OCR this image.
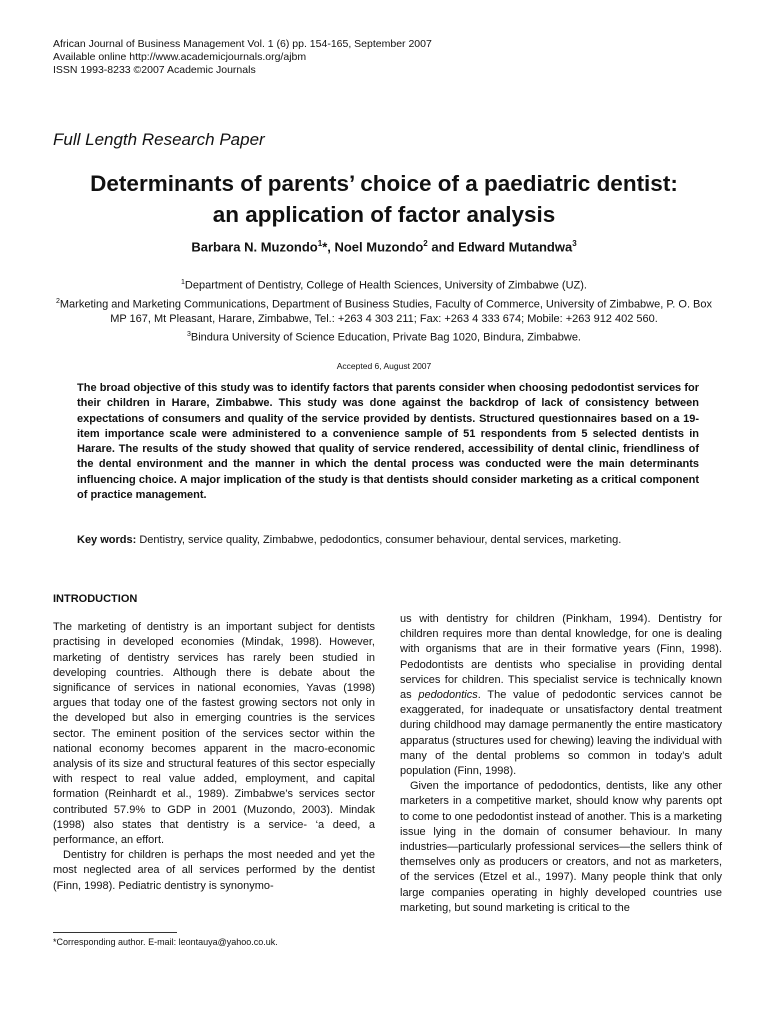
African Journal of Business Management Vol. 1 (6) pp. 154-165, September 2007
Available online http://www.academicjournals.org/ajbm
ISSN 1993-8233 ©2007 Academic Journals
Full Length Research Paper
Determinants of parents’ choice of a paediatric dentist:
an application of factor analysis
Barbara N. Muzondo$^1$*, Noel Muzondo$^2$ and Edward Mutandwa$^3$
$^1$Department of Dentistry, College of Health Sciences, University of Zimbabwe (UZ).
$^2$Marketing and Marketing Communications, Department of Business Studies, Faculty of Commerce, University of Zimbabwe, P. O. Box MP 167, Mt Pleasant, Harare, Zimbabwe, Tel.: +263 4 303 211; Fax: +263 4 333 674; Mobile: +263 912 402 560.
$^3$Bindura University of Science Education, Private Bag 1020, Bindura, Zimbabwe.
Accepted 6, August 2007
The broad objective of this study was to identify factors that parents consider when choosing pedodontist services for their children in Harare, Zimbabwe. This study was done against the backdrop of lack of consistency between expectations of consumers and quality of the service provided by dentists. Structured questionnaires based on a 19-item importance scale were administered to a convenience sample of 51 respondents from 5 selected dentists in Harare. The results of the study showed that quality of service rendered, accessibility of dental clinic, friendliness of the dental environment and the manner in which the dental process was conducted were the main determinants influencing choice. A major implication of the study is that dentists should consider marketing as a critical component of practice management.
Key words: Dentistry, service quality, Zimbabwe, pedodontics, consumer behaviour, dental services, marketing.
INTRODUCTION

The marketing of dentistry is an important subject for dentists practising in developed economies (Mindak, 1998). However, marketing of dentistry services has rarely been studied in developing countries. Although there is debate about the significance of services in national economies, Yavas (1998) argues that today one of the fastest growing sectors not only in the developed but also in emerging countries is the services sector. The eminent position of the services sector within the national economy becomes apparent in the macro-economic analysis of its size and structural features of this sector especially with respect to real value added, employment, and capital formation (Reinhardt et al., 1989). Zimbabwe’s services sector contributed 57.9% to GDP in 2001 (Muzondo, 2003). Mindak (1998) also states that dentistry is a service- ‘a deed, a performance, an effort.

Dentistry for children is perhaps the most needed and yet the most neglected area of all services performed by the dentist (Finn, 1998). Pediatric dentistry is synonymo-

us with dentistry for children (Pinkham, 1994). Dentistry for children requires more than dental knowledge, for one is dealing with organisms that are in their formative years (Finn, 1998). Pedodontists are dentists who specialise in providing dental services for children. This specialist service is technically known as pedodontics. The value of pedodontic services cannot be exaggerated, for inadequate or unsatisfactory dental treatment during childhood may damage permanently the entire masticatory apparatus (structures used for chewing) leaving the individual with many of the dental problems so common in today’s adult population (Finn, 1998).

Given the importance of pedodontics, dentists, like any other marketers in a competitive market, should know why parents opt to come to one pedodontist instead of another. This is a marketing issue lying in the domain of consumer behaviour. In many industries—particularly professional services—the sellers think of themselves only as producers or creators, and not as marketers, of the services (Etzel et al., 1997). Many people think that only large companies operating in highly developed countries use marketing, but sound marketing is critical to the

*Corresponding author. E-mail: leontauya@yahoo.co.uk.
